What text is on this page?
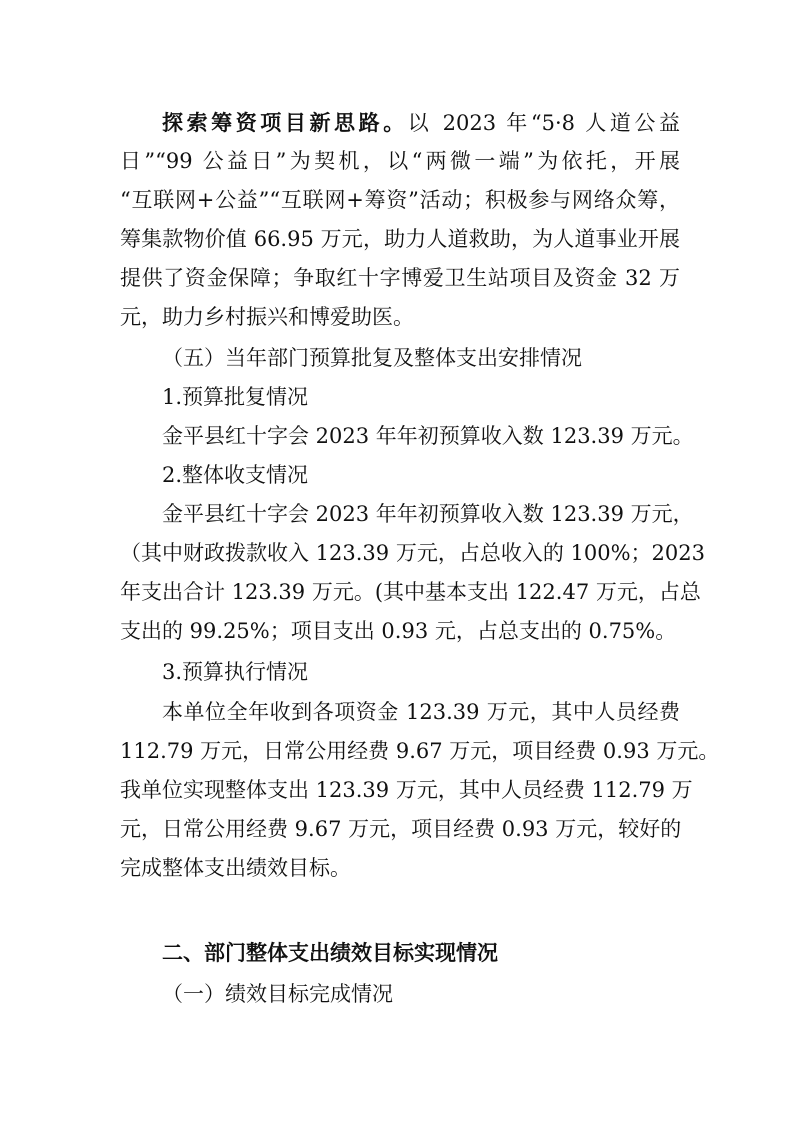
探索筹资项目新思路。以 2023 年“5·8 人道公益
日”“99 公益日”为契机，以“两微一端”为依托，开展
“互联网+公益”“互联网+筹资”活动；积极参与网络众筹，
筹集款物价值 66.95 万元，助力人道救助，为人道事业开展
提供了资金保障；争取红十字博爱卫生站项目及资金 32 万
元，助力乡村振兴和博爱助医。
（五）当年部门预算批复及整体支出安排情况
1.预算批复情况
金平县红十字会 2023 年年初预算收入数 123.39 万元。
2.整体收支情况
金平县红十字会 2023 年年初预算收入数 123.39 万元，
（其中财政拨款收入 123.39 万元，占总收入的 100%；2023
年支出合计 123.39 万元。(其中基本支出 122.47 万元，占总
支出的 99.25%；项目支出 0.93 元，占总支出的 0.75%。
3.预算执行情况
本单位全年收到各项资金 123.39 万元，其中人员经费
112.79 万元，日常公用经费 9.67 万元，项目经费 0.93 万元。
我单位实现整体支出 123.39 万元，其中人员经费 112.79 万
元，日常公用经费 9.67 万元，项目经费 0.93 万元，较好的
完成整体支出绩效目标。
二、部门整体支出绩效目标实现情况
（一）绩效目标完成情况
